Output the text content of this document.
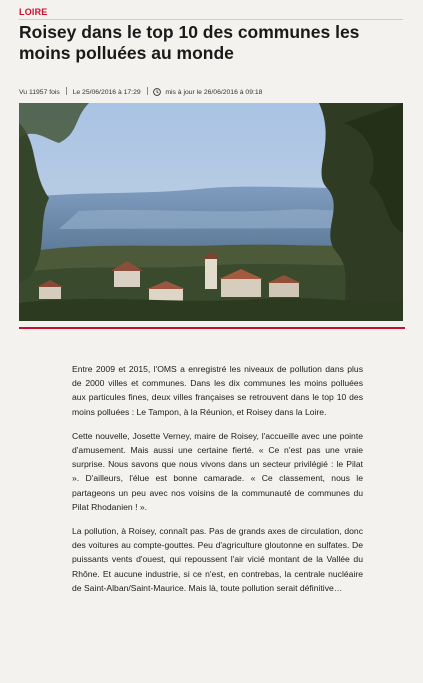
LOIRE
Roisey dans le top 10 des communes les moins polluées au monde
Vu 11957 fois Le 25/06/2016 à 17:29	mis à jour le 26/06/2016 à 09:18

Entre 2009 et 2015, l'OMS a enregistré les niveaux de pollution dans plus de 2000 villes et communes. Dans les dix communes les moins polluées aux particules fines, deux villes françaises se retrouvent dans le top 10 des moins polluées : Le Tampon, à la Réunion, et Roisey dans la Loire.

Cette nouvelle, Josette Verney, maire de Roisey, l'accueille avec une pointe d'amusement. Mais aussi une certaine fierté. « Ce n'est pas une vraie surprise. Nous savons que nous vivons dans un secteur privilégié : le Pilat ». D'ailleurs, l'élue est bonne camarade. « Ce classement, nous le partageons un peu avec nos voisins de la communauté de communes du Pilat Rhodanien ! ».

La pollution, à Roisey, connaît pas. Pas de grands axes de circulation, donc des voitures au compte-gouttes. Peu d'agriculture gloutonne en sulfates. De puissants vents d'ouest, qui repoussent l'air vicié montant de la Vallée du Rhône. Et aucune industrie, si ce n'est, en contrebas, la centrale nucléaire de Saint-Alban/Saint-Maurice. Mais là, toute pollution serait définitive…
